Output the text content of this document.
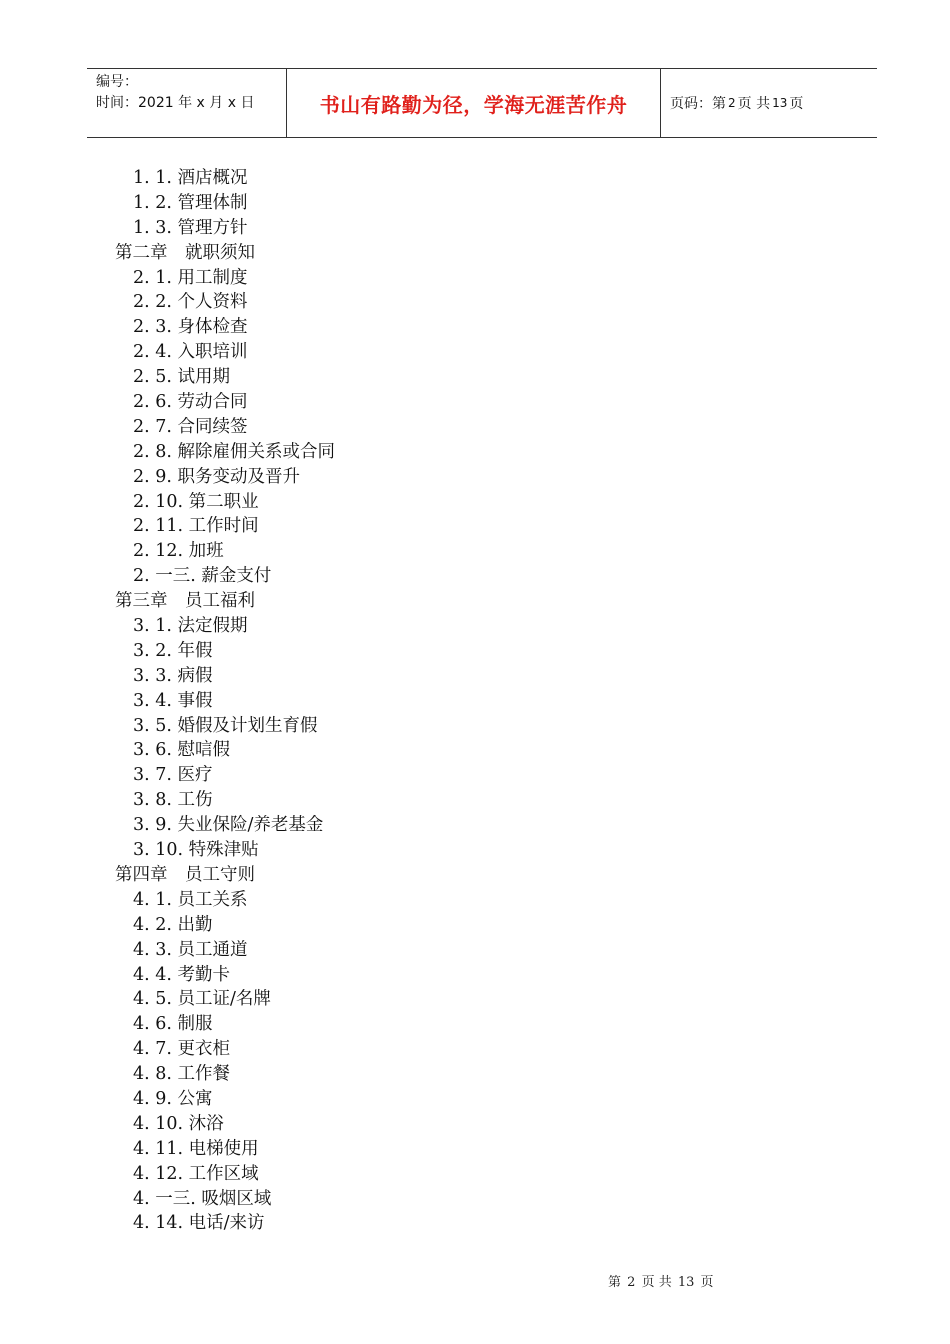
编号：
时间：2021 年 x 月 x 日	书山有路勤为径，学海无涯苦作舟	页码：第 2 页 共 13 页
1. 1. 酒店概况
1. 2. 管理体制
1. 3. 管理方针
第二章　就职须知
2. 1. 用工制度
2. 2. 个人资料
2. 3. 身体检查
2. 4. 入职培训
2. 5. 试用期
2. 6. 劳动合同
2. 7. 合同续签
2. 8. 解除雇佣关系或合同
2. 9. 职务变动及晋升
2. 10. 第二职业
2. 11. 工作时间
2. 12. 加班
2. 一三. 薪金支付
第三章　员工福利
3. 1. 法定假期
3. 2. 年假
3. 3. 病假
3. 4. 事假
3. 5. 婚假及计划生育假
3. 6. 慰唁假
3. 7. 医疗
3. 8. 工伤
3. 9. 失业保险/养老基金
3. 10. 特殊津贴
第四章　员工守则
4. 1. 员工关系
4. 2. 出勤
4. 3. 员工通道
4. 4. 考勤卡
4. 5. 员工证/名牌
4. 6. 制服
4. 7. 更衣柜
4. 8. 工作餐
4. 9. 公寓
4. 10. 沐浴
4. 11. 电梯使用
4. 12. 工作区域
4. 一三. 吸烟区域
4. 14. 电话/来访
第 2 页 共 13 页
